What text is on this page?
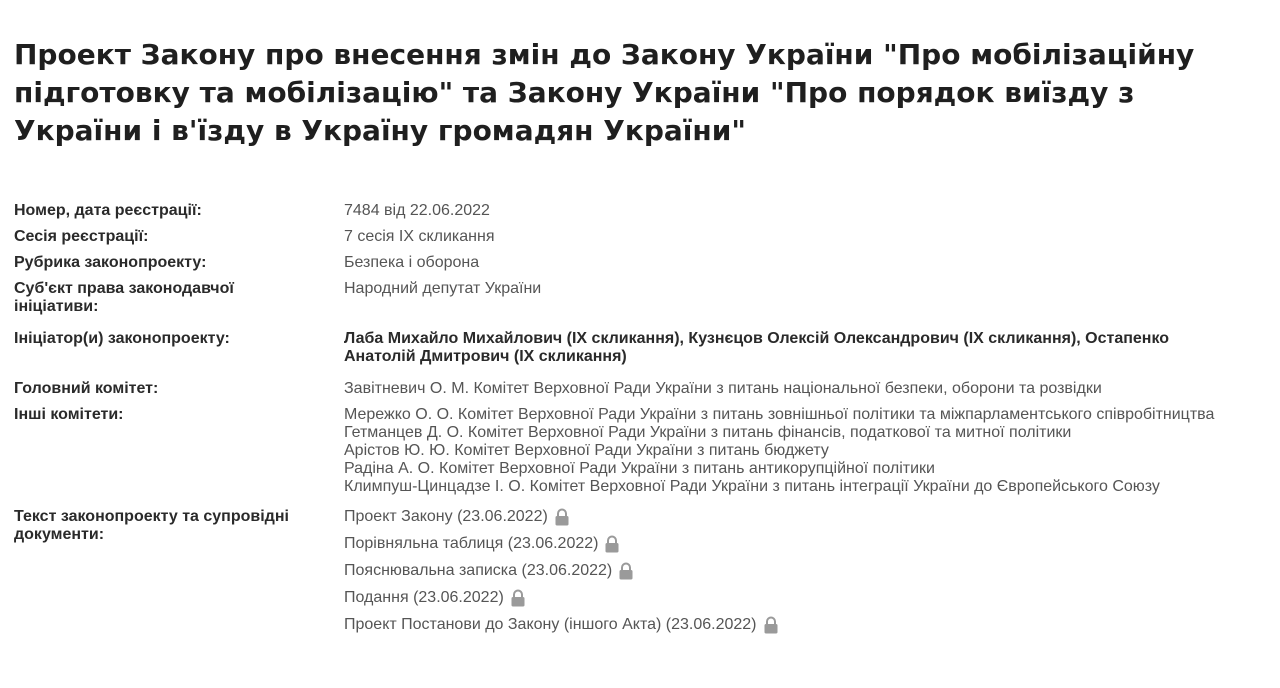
Проект Закону про внесення змін до Закону України "Про мобілізаційну підготовку та мобілізацію" та Закону України "Про порядок виїзду з України і в'їзду в Україну громадян України"
Номер, дата реєстрації:	7484 від 22.06.2022
Сесія реєстрації:	7 сесія IX скликання
Рубрика законопроекту:	Безпека і оборона
Суб'єкт права законодавчої ініціативи:
Народний депутат України
Ініціатор(и) законопроекту:	Лаба Михайло Михайлович (IX скликання), Кузнєцов Олексій Олександрович (IX скликання), Остапенко Анатолій Дмитрович (IX скликання)
Головний комітет:	Завітневич О. М. Комітет Верховної Ради України з питань національної безпеки, оборони та розвідки
Інші комітети:	Мережко О. О. Комітет Верховної Ради України з питань зовнішньої політики та міжпарламентського співробітництва
Гетманцев Д. О. Комітет Верховної Ради України з питань фінансів, податкової та митної політики
Арістов Ю. Ю. Комітет Верховної Ради України з питань бюджету
Радіна А. О. Комітет Верховної Ради України з питань антикорупційної політики
Климпуш-Цинцадзе І. О. Комітет Верховної Ради України з питань інтеграції України до Європейського Союзу
Текст законопроекту та супровідні документи:
Проект Закону (23.06.2022)
Порівняльна таблиця (23.06.2022)
Пояснювальна записка (23.06.2022)
Подання (23.06.2022)
Проект Постанови до Закону (іншого Акта) (23.06.2022)
